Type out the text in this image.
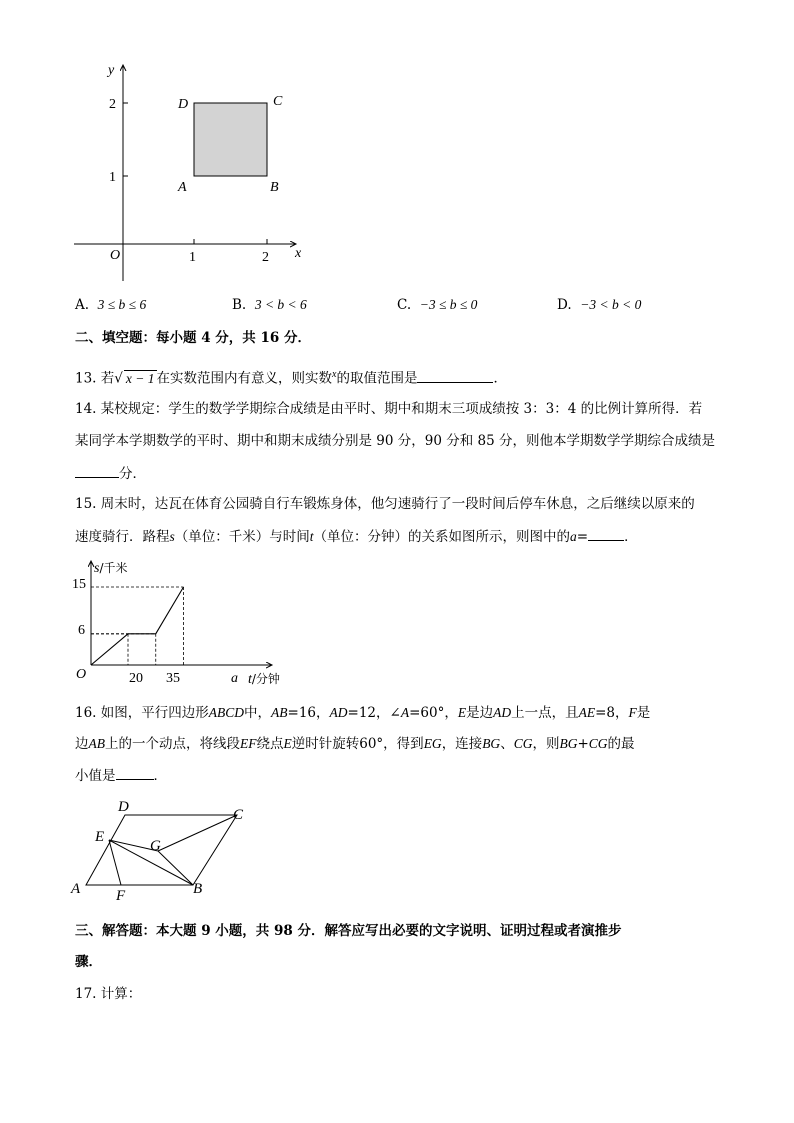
y
x
O
2
1
1	2
D	C
A	B
A. 3 ≤ b ≤ 6	B. 3 < b < 6	C. −3 ≤ b ≤ 0	D. −3 < b < 0
二、填空题：每小题 4 分，共 16 分．
13. 若√ x − 1 在实数范围内有意义，则实数$^x$的取值范围是	．
14. 某校规定：学生的数学学期综合成绩是由平时、期中和期末三项成绩按 3：3：4 的比例计算所得．若
某同学本学期数学的平时、期中和期末成绩分别是 90 分，90 分和 85 分，则他本学期数学学期综合成绩是
分．
15. 周末时，达瓦在体育公园骑自行车锻炼身体，他匀速骑行了一段时间后停车休息，之后继续以原来的
速度骑行．路程s（单位：千米）与时间t（单位：分钟）的关系如图所示，则图中的a=	．
s/千米
t/分钟
O
15
6
20 35	a
16. 如图，平行四边形ABCD中，AB=16，AD=12，∠A=60°，E是边AD上一点，且AE=8，F是
边AB上的一个动点，将线段EF绕点E逆时针旋转60°，得到EG，连接BG、CG，则BG+CG的最
小值是	．
A	B
C
D
E
F
G
三、解答题：本大题 9 小题，共 98 分．解答应写出必要的文字说明、证明过程或者演推步
骤．
17. 计算：
